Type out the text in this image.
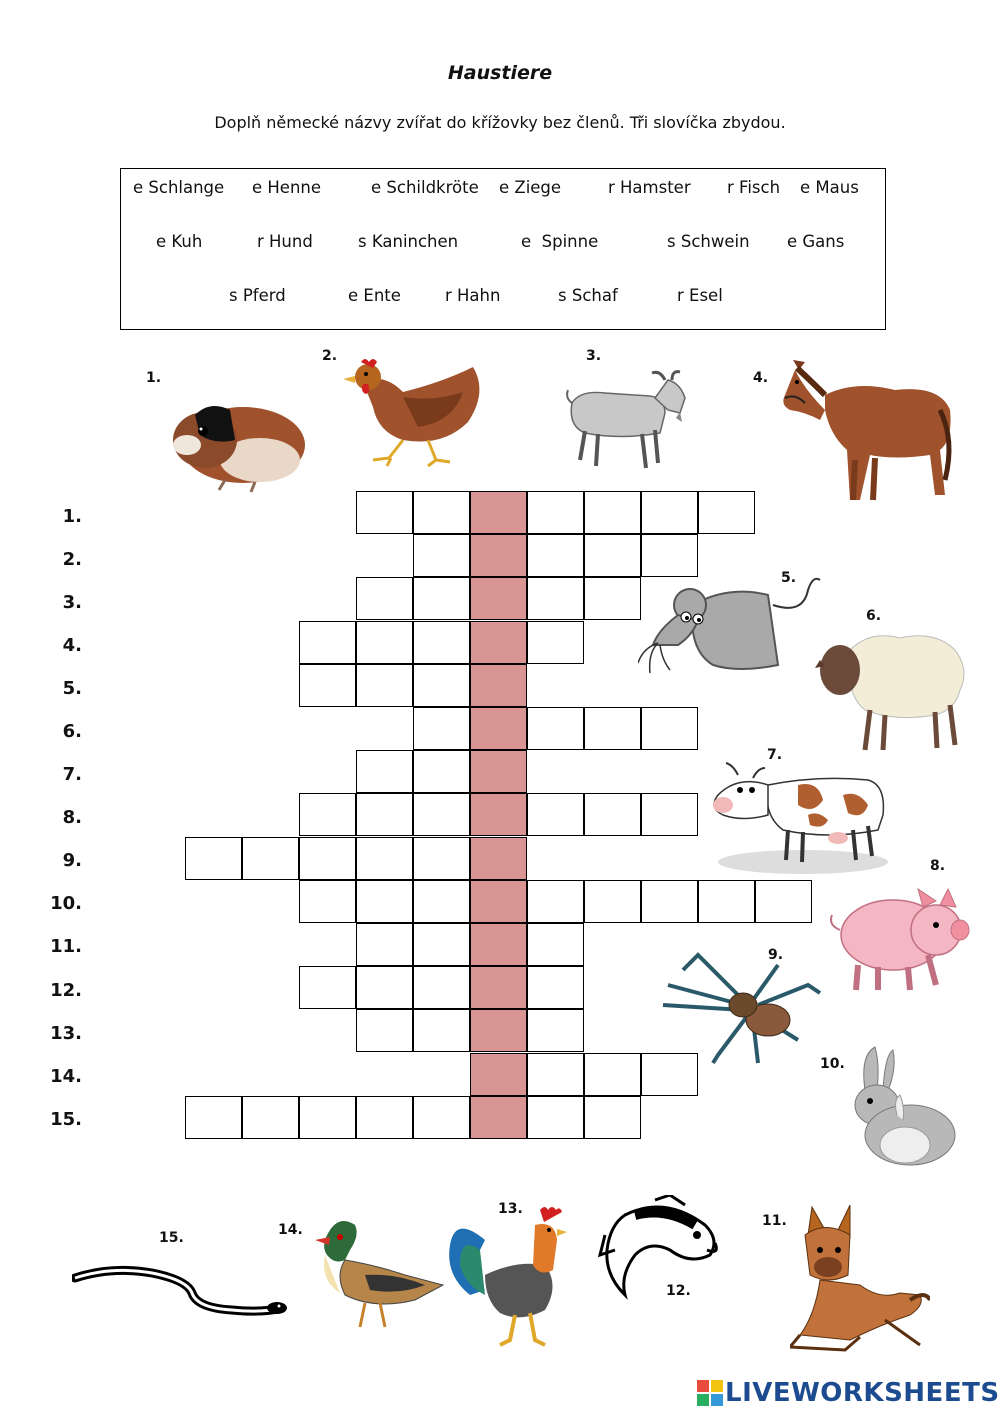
Haustiere
Doplň německé názvy zvířat do křížovky bez členů. Tři slovíčka zbydou.
e Schlange e Henne	e Schildkröte e Ziege	r Hamster r Fisch e Maus
e Kuh	r Hund	s Kaninchen	e  Spinne	s Schwein e Gans
s Pferd	e Ente	r Hahn	s Schaf	r Esel
1.
2.
3.
4.
5.
6.
7.
8.
9.
10.
11.
12.
13.
14.
15.
1.
2.	3.
4.
5.
6.
7.
8.
9.
10.
11.
12.
13.
14.
15.
LIVEWORKSHEETS
